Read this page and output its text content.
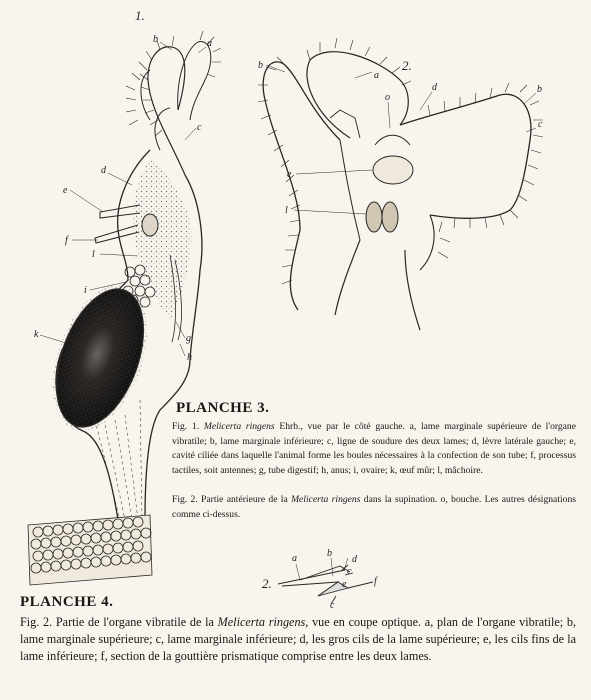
1.
2.
2.
b	a
c
d
e
f
l
i
g
k
h
b
a
o
d	b
c
e
l
a	b
d
c
e	f
c
PLANCHE 3.
Fig. 1. Melicerta ringens Ehrb., vue par le côté gauche. a, lame marginale supérieure de l'organe vibratile; b, lame marginale inférieure; c, ligne de soudure des deux lames; d, lèvre latérale gauche; e, cavité ciliée dans laquelle l'animal forme les boules nécessaires à la confection de son tube; f, processus tactiles, soit antennes; g, tube digestif; h, anus; i, ovaire; k, œuf mûr; l, mâchoire.
Fig. 2. Partie antérieure de la Melicerta ringens dans la supination. o, bouche. Les autres désignations comme ci-dessus.
PLANCHE 4.
Fig. 2. Partie de l'organe vibratile de la Melicerta ringens, vue en coupe optique. a, plan de l'organe vibratile; b, lame marginale supérieure; c, lame marginale inférieure; d, les gros cils de la lame supérieure; e, les cils fins de la lame inférieure; f, section de la gouttière prismatique comprise entre les deux lames.
